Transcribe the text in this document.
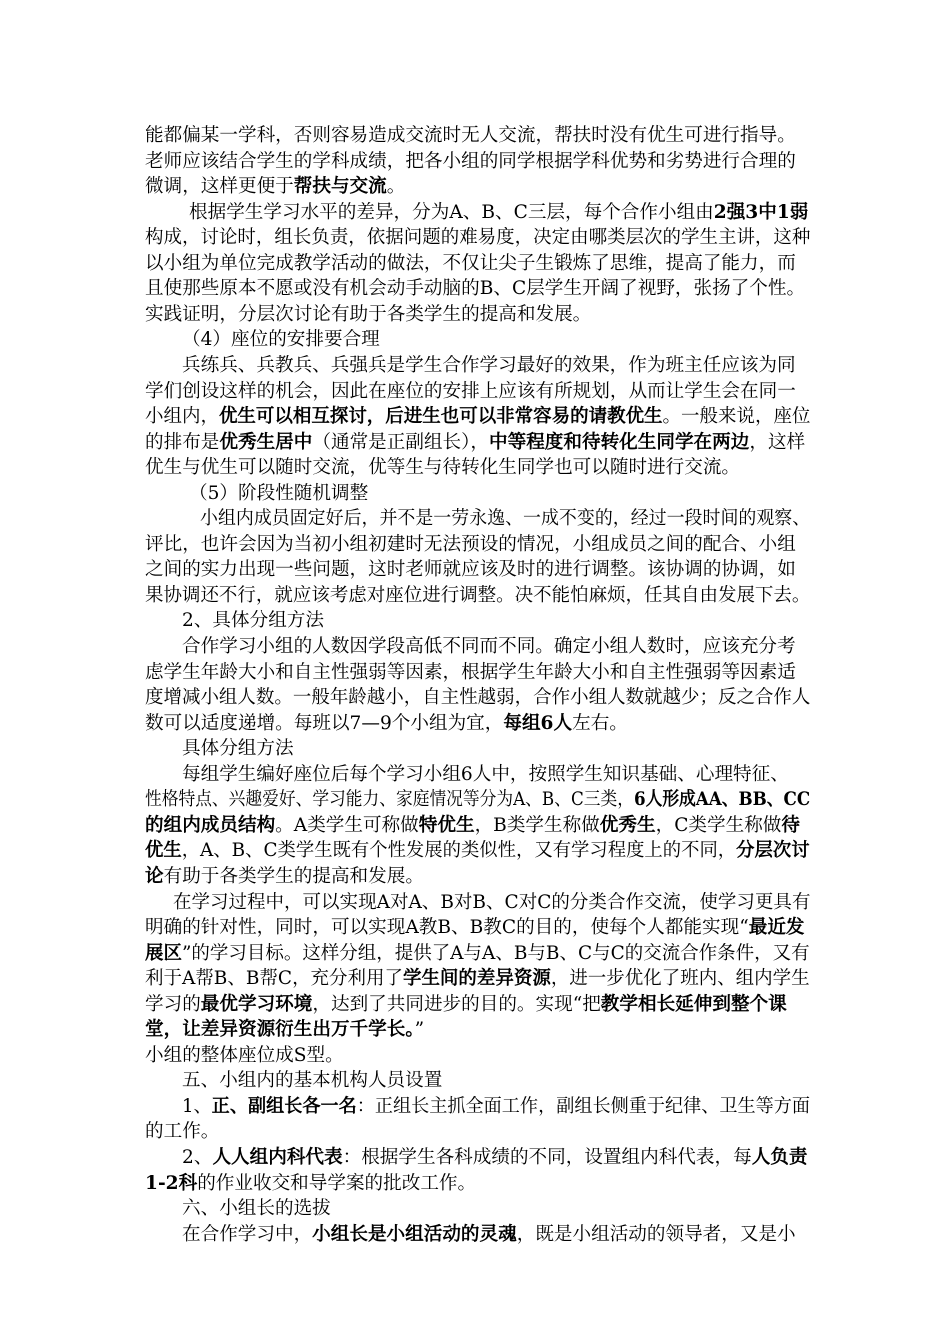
能都偏某一学科，否则容易造成交流时无人交流，帮扶时没有优生可进行指导。
老师应该结合学生的学科成绩，把各小组的同学根据学科优势和劣势进行合理的
微调，这样更便于帮扶与交流。
根据学生学习水平的差异，分为A、B、C三层，每个合作小组由2强3中1弱
构成，讨论时，组长负责，依据问题的难易度，决定由哪类层次的学生主讲，这种
以小组为单位完成教学活动的做法，不仅让尖子生锻炼了思维，提高了能力，而
且使那些原本不愿或没有机会动手动脑的B、C层学生开阔了视野，张扬了个性。
实践证明，分层次讨论有助于各类学生的提高和发展。
（4）座位的安排要合理
兵练兵、兵教兵、兵强兵是学生合作学习最好的效果，作为班主任应该为同
学们创设这样的机会，因此在座位的安排上应该有所规划，从而让学生会在同一
小组内，优生可以相互探讨，后进生也可以非常容易的请教优生。一般来说，座位
的排布是优秀生居中（通常是正副组长），中等程度和待转化生同学在两边，这样
优生与优生可以随时交流，优等生与待转化生同学也可以随时进行交流。
（5）阶段性随机调整
小组内成员固定好后，并不是一劳永逸、一成不变的，经过一段时间的观察、
评比，也许会因为当初小组初建时无法预设的情况，小组成员之间的配合、小组
之间的实力出现一些问题，这时老师就应该及时的进行调整。该协调的协调，如
果协调还不行，就应该考虑对座位进行调整。决不能怕麻烦，任其自由发展下去。
2、具体分组方法
合作学习小组的人数因学段高低不同而不同。确定小组人数时，应该充分考
虑学生年龄大小和自主性强弱等因素，根据学生年龄大小和自主性强弱等因素适
度增减小组人数。一般年龄越小，自主性越弱，合作小组人数就越少；反之合作人
数可以适度递增。每班以7—9个小组为宜，每组6人左右。
具体分组方法
每组学生编好座位后每个学习小组6人中，按照学生知识基础、心理特征、
性格特点、兴趣爱好、学习能力、家庭情况等分为A、B、C三类，6人形成AA、BB、CC
的组内成员结构。A类学生可称做特优生，B类学生称做优秀生，C类学生称做待
优生，A、B、C类学生既有个性发展的类似性，又有学习程度上的不同，分层次讨
论有助于各类学生的提高和发展。
在学习过程中，可以实现A对A、B对B、C对C的分类合作交流，使学习更具有
明确的针对性，同时，可以实现A教B、B教C的目的，使每个人都能实现“最近发
展区”的学习目标。这样分组，提供了A与A、B与B、C与C的交流合作条件，又有
利于A帮B、B帮C，充分利用了学生间的差异资源，进一步优化了班内、组内学生
学习的最优学习环境，达到了共同进步的目的。实现“把教学相长延伸到整个课
堂，让差异资源衍生出万千学长。”
小组的整体座位成S型。
五、小组内的基本机构人员设置
1、正、副组长各一名：正组长主抓全面工作，副组长侧重于纪律、卫生等方面
的工作。
2、人人组内科代表：根据学生各科成绩的不同，设置组内科代表，每人负责
1-2科的作业收交和导学案的批改工作。
六、小组长的选拔
在合作学习中，小组长是小组活动的灵魂，既是小组活动的领导者，又是小
